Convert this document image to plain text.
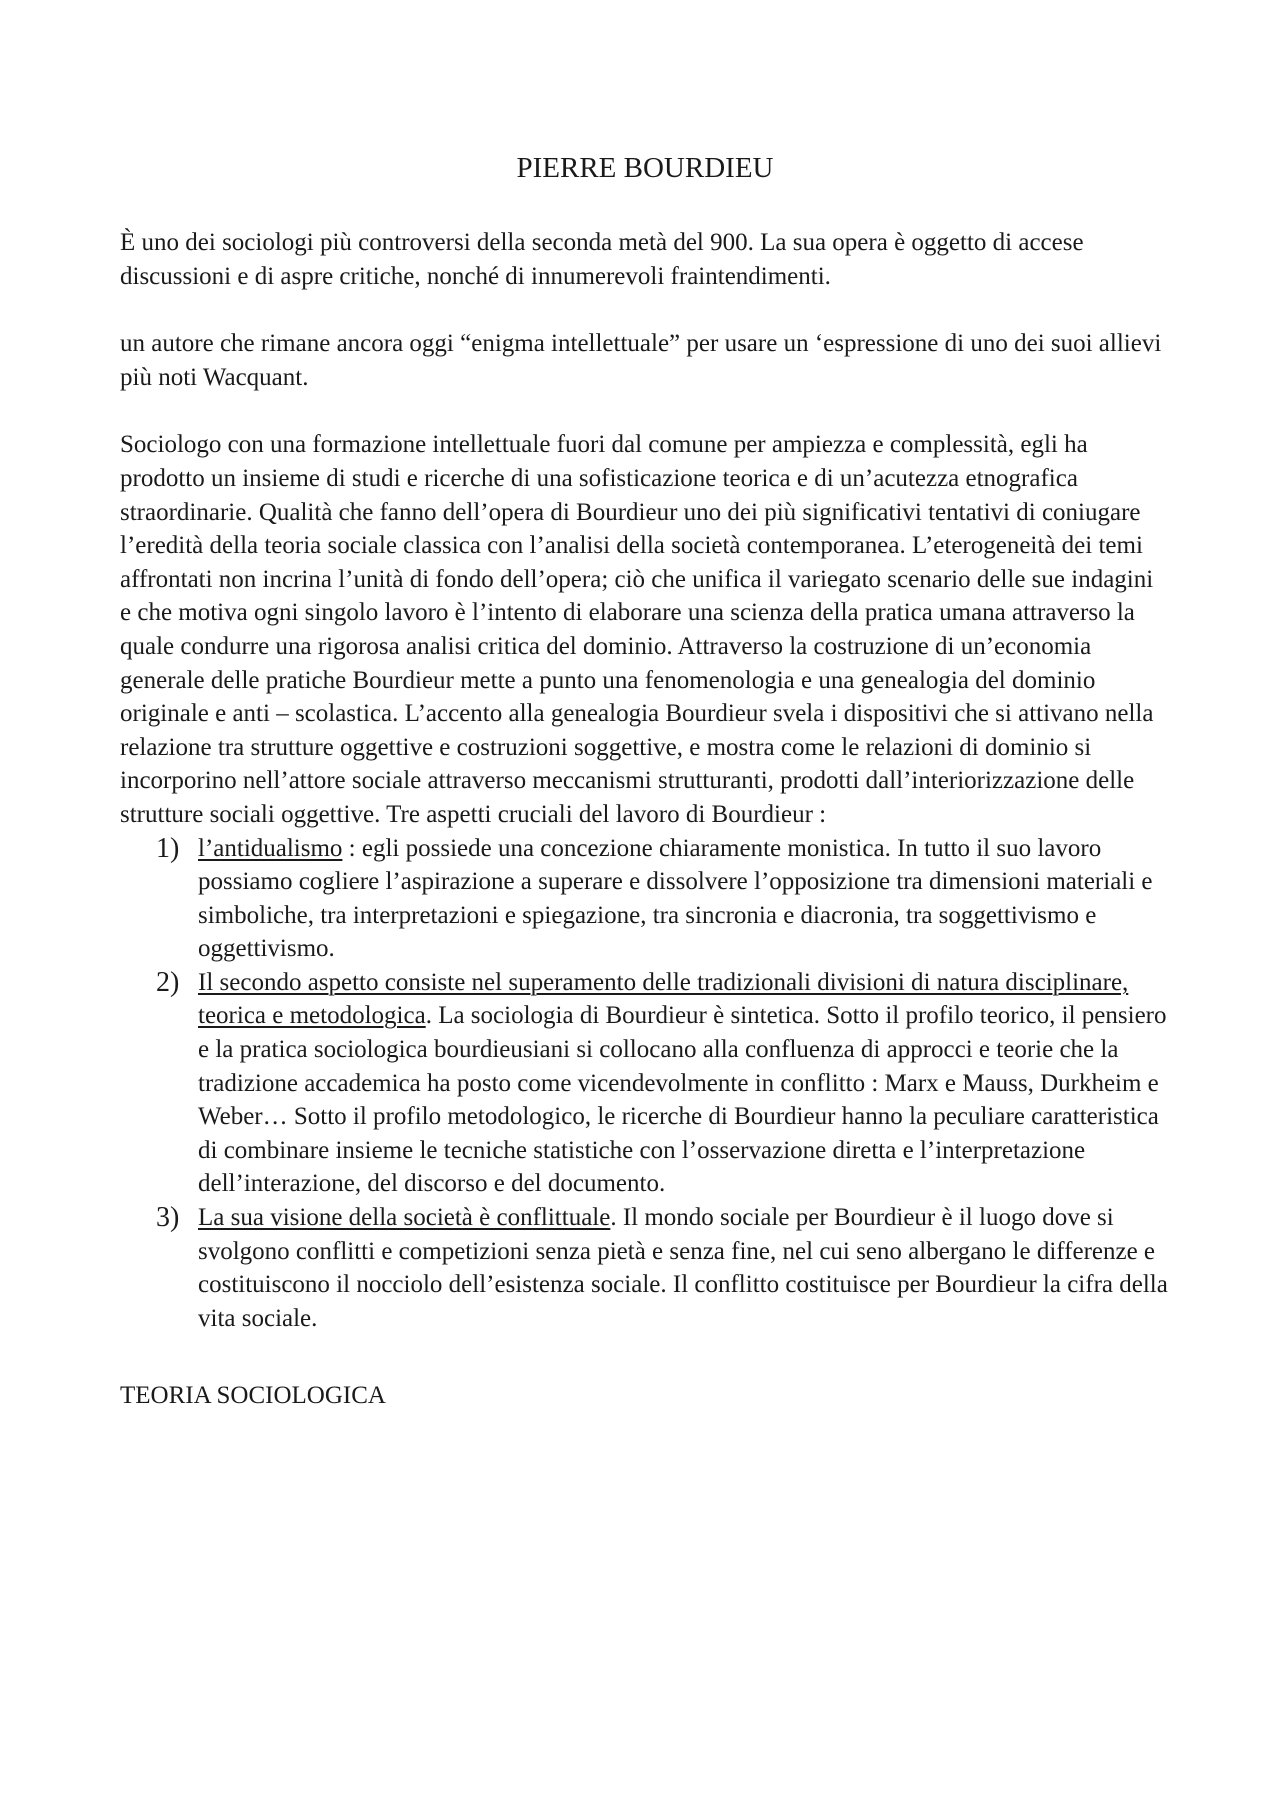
PIERRE BOURDIEU

È uno dei sociologi più controversi della seconda metà del 900. La sua opera è oggetto di accese discussioni e di aspre critiche, nonché di innumerevoli fraintendimenti.

un autore che rimane ancora oggi “enigma intellettuale” per usare un ‘espressione di uno dei suoi allievi più noti Wacquant.

Sociologo con una formazione intellettuale fuori dal comune per ampiezza e complessità, egli ha prodotto un insieme di studi e ricerche di una sofisticazione teorica e di un’acutezza etnografica straordinarie. Qualità che fanno dell’opera di Bourdieur uno dei più significativi tentativi di coniugare l’eredità della teoria sociale classica con l’analisi della società contemporanea. L’eterogeneità dei temi affrontati non incrina l’unità di fondo dell’opera; ciò che unifica il variegato scenario delle sue indagini e che motiva ogni singolo lavoro è l’intento di elaborare una scienza della pratica umana attraverso la quale condurre una rigorosa analisi critica del dominio. Attraverso la costruzione di un’economia generale delle pratiche Bourdieur mette a punto una fenomenologia e una genealogia del dominio originale e anti – scolastica. L’accento alla genealogia Bourdieur svela i dispositivi che si attivano nella relazione tra strutture oggettive e costruzioni soggettive, e mostra come le relazioni di dominio si incorporino nell’attore sociale attraverso meccanismi strutturanti, prodotti dall’interiorizzazione delle strutture sociali oggettive. Tre aspetti cruciali del lavoro di Bourdieur :

1) l’antidualismo : egli possiede una concezione chiaramente monistica. In tutto il suo lavoro possiamo cogliere l’aspirazione a superare e dissolvere l’opposizione tra dimensioni materiali e simboliche, tra interpretazioni e spiegazione, tra sincronia e diacronia, tra soggettivismo e oggettivismo.
2) Il secondo aspetto consiste nel superamento delle tradizionali divisioni di natura disciplinare, teorica e metodologica. La sociologia di Bourdieur è sintetica. Sotto il profilo teorico, il pensiero e la pratica sociologica bourdieusiani si collocano alla confluenza di approcci e teorie che la tradizione accademica ha posto come vicendevolmente in conflitto : Marx e Mauss, Durkheim e Weber… Sotto il profilo metodologico, le ricerche di Bourdieur hanno la peculiare caratteristica di combinare insieme le tecniche statistiche con l’osservazione diretta e l’interpretazione dell’interazione, del discorso e del documento.
3) La sua visione della società è conflittuale. Il mondo sociale per Bourdieur è il luogo dove si svolgono conflitti e competizioni senza pietà e senza fine, nel cui seno albergano le differenze e costituiscono il nocciolo dell’esistenza sociale. Il conflitto costituisce per Bourdieur la cifra della vita sociale.

TEORIA SOCIOLOGICA
